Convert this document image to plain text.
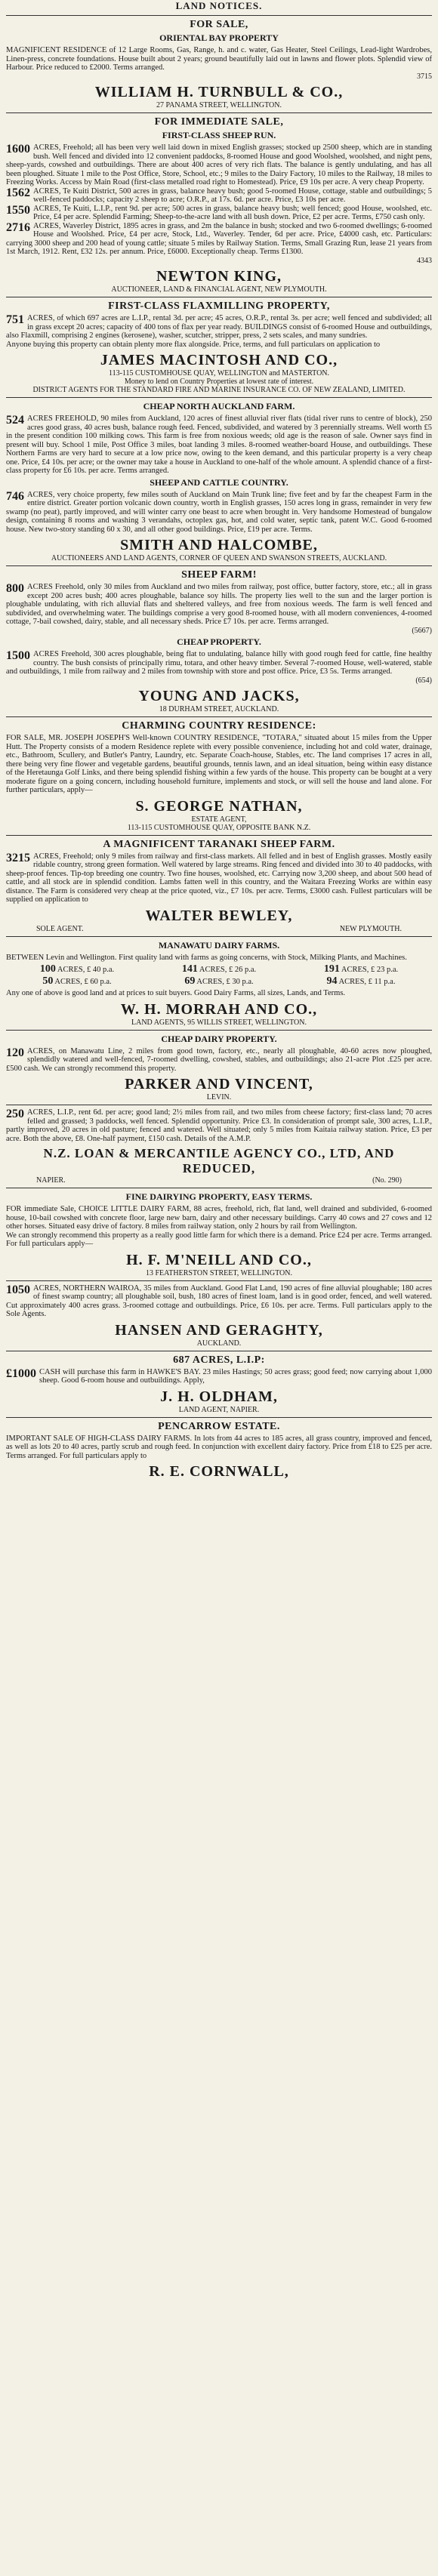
LAND NOTICES.
FOR SALE,
ORIENTAL BAY PROPERTY
MAGNIFICENT RESIDENCE of 12 Large Rooms, Gas, Range, h. and c. water, Gas Heater, Steel Ceilings, Lead-light Wardrobes, Linen-press, concrete foundations. House built about 2 years; ground beautifully laid out in lawns and flower plots. Splendid view of Harbour. Price reduced to £2000. Terms arranged.
3715
WILLIAM H. TURNBULL & CO.,
27 PANAMA STREET, WELLINGTON.
FOR IMMEDIATE SALE,
FIRST-CLASS SHEEP RUN.
1600 ACRES, Freehold; all has been very well laid down in mixed English grasses; stocked up 2500 sheep, which are in standing bush. Well fenced and divided into 12 convenient paddocks, 8-roomed House and good Woolshed, woolshed, and night pens, sheep-yards, cowshed and outbuildings. There are about 400 acres of very rich flats. The balance is gently undulating, and has all been ploughed. Situate 1 mile to the Post Office, Store, School, etc.; 9 miles to the Dairy Factory, 10 miles to the Railway, 18 miles to Freezing Works. Access by Main Road (first-class metalled road right to Homestead). Price, £9 10s per acre. A very cheap Property.
1562 ACRES, Te Kuiti District, 500 acres in grass, balance heavy bush; good 5-roomed House, cottage, stable and outbuildings; 5 well-fenced paddocks; capacity 2 sheep to acre; O.R.P., at 17s. 6d. per acre. Price, £3 10s per acre.
1550 ACRES, Te Kuiti, L.I.P., rent 9d. per acre; 500 acres in grass, balance heavy bush; well fenced; good House, woolshed, etc. Price, £4 per acre. Splendid Farming; Sheep-to-the-acre land with all bush down. Price, £2 per acre. Terms, £750 cash only.
2716 ACRES, Waverley District, 1895 acres in grass, and 2m the balance in bush; stocked and two 6-roomed dwellings; 6-roomed House and Woolshed. Price, £4 per acre, Stock, Ltd., Waverley. Tender, 6d per acre. Price, £4000 cash, etc. Particulars: carrying 3000 sheep and 200 head of young cattle; situate 5 miles by Railway Station. Terms, Small Grazing Run, lease 21 years from 1st March, 1912. Rent, £32 12s. per annum. Price, £6000. Exceptionally cheap. Terms £1300.
4343
NEWTON KING,
AUCTIONEER, LAND & FINANCIAL AGENT, NEW PLYMOUTH.
FIRST-CLASS FLAXMILLING PROPERTY,
751 ACRES, of which 697 acres are L.I.P., rental 3d. per acre; 45 acres, O.R.P., rental 3s. per acre; well fenced and subdivided; all in grass except 20 acres; capacity of 400 tons of flax per year ready. BUILDINGS consist of 6-roomed House and outbuildings, also Flaxmill, comprising 2 engines (kerosene), washer, scutcher, stripper, press, 2 sets scales, and many sundries.
Anyone buying this property can obtain plenty more flax alongside. Price, terms, and full particulars on application to
JAMES MACINTOSH AND CO.,
113-115 CUSTOMHOUSE QUAY, WELLINGTON and MASTERTON.
Money to lend on Country Properties at lowest rate of interest.
DISTRICT AGENTS FOR THE STANDARD FIRE AND MARINE INSURANCE CO. OF NEW ZEALAND, LIMITED.
CHEAP NORTH AUCKLAND FARM.
524 ACRES FREEHOLD, 90 miles from Auckland, 120 acres of finest alluvial river flats (tidal river runs to centre of block), 250 acres good grass, 40 acres bush, balance rough feed. Fenced, subdivided, and watered by 3 perennially streams. Well worth £5 in the present condition 100 milking cows. This farm is free from noxious weeds; old age is the reason of sale. Owner says find in present will buy. School 1 mile, Post Office 3 miles, boat landing 3 miles. 8-roomed weather-board House, and outbuildings. These Northern Farms are very hard to secure at a low price now, owing to the keen demand, and this particular property is a very cheap one. Price, £4 10s. per acre; or the owner may take a house in Auckland to one-half of the whole amount. A splendid chance of a first-class property for £6 10s. per acre. Terms arranged.
SHEEP AND CATTLE COUNTRY.
746 ACRES, very choice property, few miles south of Auckland on Main Trunk line; five feet and by far the cheapest Farm in the entire district. Greater portion volcanic down country, worth in English grasses, 150 acres long in grass, remainder in very few swamp (no peat), partly improved, and will winter carry one beast to acre when brought in. Very handsome Homestead of bungalow design, containing 8 rooms and washing 3 verandahs, octoplex gas, hot, and cold water, septic tank, patent W.C. Good 6-roomed house. New two-story standing 60 x 30, and all other good buildings. Price, £19 per acre. Terms.
SMITH AND HALCOMBE,
AUCTIONEERS AND LAND AGENTS, CORNER OF QUEEN AND SWANSON STREETS, AUCKLAND.
SHEEP FARM!
800 ACRES Freehold, only 30 miles from Auckland and two miles from railway, post office, butter factory, store, etc.; all in grass except 200 acres bush; 400 acres ploughable, balance soy hills. The property lies well to the sun and the larger portion is ploughable undulating, with rich alluvial flats and sheltered valleys, and free from noxious weeds. The farm is well fenced and subdivided, and overwhelming water. The buildings comprise a very good 8-roomed house, with all modern conveniences, 4-roomed cottage, 7-bail cowshed, dairy, stable, and all necessary sheds. Price £7 10s. per acre. Terms arranged.
(5667)
CHEAP PROPERTY.
1500 ACRES Freehold, 300 acres ploughable, being flat to undulating, balance hilly with good rough feed for cattle, fine healthy country. The bush consists of principally rimu, totara, and other heavy timber. Several 7-roomed House, well-watered, stable and outbuildings, 1 mile from railway and 2 miles from township with store and post office. Price, £3 5s. Terms arranged.
(654)
YOUNG AND JACKS,
18 DURHAM STREET, AUCKLAND.
CHARMING COUNTRY RESIDENCE:
FOR SALE, MR. JOSEPH JOSEPH'S Well-known COUNTRY RESIDENCE, "TOTARA," situated about 15 miles from the Upper Hutt. The Property consists of a modern Residence replete with every possible convenience, including hot and cold water, drainage, etc., Bathroom, Scullery, and Butler's Pantry, Laundry, etc. Separate Coach-house, Stables, etc. The land comprises 17 acres in all, there being very fine flower and vegetable gardens, beautiful grounds, tennis lawn, and an ideal situation, being within easy distance of the Heretaunga Golf Links, and there being splendid fishing within a few yards of the house. This property can be bought at a very moderate figure on a going concern, including household furniture, implements and stock, or will sell the house and land alone. For further particulars, apply—
S. GEORGE NATHAN,
ESTATE AGENT,
113-115 CUSTOMHOUSE QUAY, OPPOSITE BANK N.Z.
A MAGNIFICENT TARANAKI SHEEP FARM.
3215 ACRES, Freehold; only 9 miles from railway and first-class markets. All felled and in best of English grasses. Mostly easily ridable country, strong green formation. Well watered by large streams. Ring fenced and divided into 30 to 40 paddocks, with sheep-proof fences. Tip-top breeding one country. Two fine houses, woolshed, etc. Carrying now 3,200 sheep, and about 500 head of cattle, and all stock are in splendid condition. Lambs fatten well in this country, and the Waitara Freezing Works are within easy distance. The Farm is considered very cheap at the price quoted, viz., £7 10s. per acre. Terms, £3000 cash. Fullest particulars will be supplied on application to
WALTER BEWLEY,
SOLE AGENT.	NEW PLYMOUTH.
MANAWATU DAIRY FARMS.
BETWEEN Levin and Wellington. First quality land with farms as going concerns, with Stock, Milking Plants, and Machines.
100 ACRES, £ 40 p.a.	141 ACRES, £ 26 p.a.	191 ACRES, £ 23 p.a.
50 ACRES, £ 60 p.a.	69 ACRES, £ 30 p.a.	94 ACRES, £ 11 p.a.
Any one of above is good land and at prices to suit buyers. Good Dairy Farms, all sizes, Lands, and Terms.
W. H. MORRAH AND CO.,
LAND AGENTS, 95 WILLIS STREET, WELLINGTON.
CHEAP DAIRY PROPERTY.
120 ACRES, on Manawatu Line, 2 miles from good town, factory, etc., nearly all ploughable, 40-60 acres now ploughed, splendidly watered and well-fenced, 7-roomed dwelling, cowshed, stables, and outbuildings; also 21-acre Plot .£25 per acre. £500 cash. We can strongly recommend this property.
PARKER AND VINCENT,
LEVIN.
250 ACRES, L.I.P., rent 6d. per acre; good land; 2½ miles from rail, and two miles from cheese factory; first-class land; 70 acres felled and grassed; 3 paddocks, well fenced. Splendid opportunity. Price £3. In consideration of prompt sale, 300 acres, L.I.P., partly improved, 20 acres in old pasture; fenced and watered. Well situated; only 5 miles from Kaitaia railway station. Price, £3 per acre. Both the above, £8. One-half payment, £150 cash. Details of the A.M.P.
N.Z. LOAN & MERCANTILE AGENCY CO., LTD, AND REDUCED,
NAPIER.	(No. 290)
FINE DAIRYING PROPERTY, EASY TERMS.
FOR immediate Sale, CHOICE LITTLE DAIRY FARM, 88 acres, freehold, rich, flat land, well drained and subdivided, 6-roomed house, 10-bail cowshed with concrete floor, large new barn, dairy and other necessary buildings. Carry 40 cows and 27 cows and 12 other horses. Situated easy drive of factory. 8 miles from railway station, only 2 hours by rail from Wellington.
We can strongly recommend this property as a really good little farm for which there is a demand. Price £24 per acre. Terms arranged. For full particulars apply—
H. F. M'NEILL AND CO.,
13 FEATHERSTON STREET, WELLINGTON.
1050 ACRES, NORTHERN WAIROA, 35 miles from Auckland. Good Flat Land, 190 acres of fine alluvial ploughable; 180 acres of finest swamp country; all ploughable soil, bush, 180 acres of finest loam, land is in good order, fenced, and well watered. Cut approximately 400 acres grass. 3-roomed cottage and outbuildings. Price, £6 10s. per acre. Terms. Full particulars apply to the Sole Agents.
HANSEN AND GERAGHTY,
AUCKLAND.
687 ACRES, L.I.P:
£1000 CASH will purchase this farm in HAWKE'S BAY. 23 miles Hastings; 50 acres grass; good feed; now carrying about 1,000 sheep. Good 6-room house and outbuildings. Apply,
J. H. OLDHAM,
LAND AGENT, NAPIER.
PENCARROW ESTATE.
IMPORTANT SALE OF HIGH-CLASS DAIRY FARMS. In lots from 44 acres to 185 acres, all grass country, improved and fenced, as well as lots 20 to 40 acres, partly scrub and rough feed. In conjunction with excellent dairy factory. Price from £18 to £25 per acre. Terms arranged. For full particulars apply to
R. E. CORNWALL,
